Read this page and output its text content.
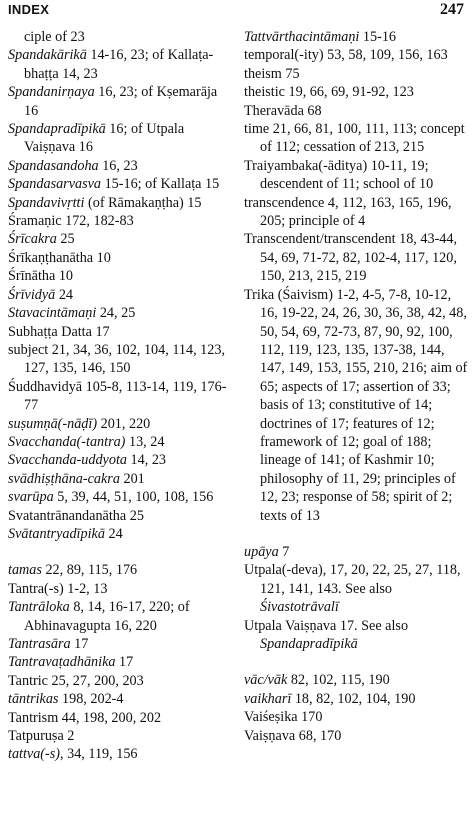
INDEX	247

ciple of 23

Spandakārikā 14-16, 23; of Kallaṭa-bhaṭṭa 14, 23

Spandanirṇaya 16, 23; of Kṣemarāja 16

Spandapradīpikā 16; of Utpala Vaiṣṇava 16

Spandasandoha 16, 23

Spandasarvasva 15-16; of Kallaṭa 15

Spandavivṛtti (of Rāmakaṇṭha) 15

Śramaṇic 172, 182-83

Śrīcakra 25

Śrīkaṇṭhanātha 10

Śrīnātha 10

Śrīvidyā 24

Stavacintāmaṇi 24, 25

Subhaṭṭa Datta 17

subject 21, 34, 36, 102, 104, 114, 123, 127, 135, 146, 150

Śuddhavidyā 105-8, 113-14, 119, 176-77

suṣumṇā(-nāḍī) 201, 220

Svacchanda(-tantra) 13, 24

Svacchanda-uddyota 14, 23

svādhiṣṭhāna-cakra 201

svarūpa 5, 39, 44, 51, 100, 108, 156

Svatantrānandanātha 25

Svātantryadīpikā 24

tamas 22, 89, 115, 176

Tantra(-s) 1-2, 13

Tantrāloka 8, 14, 16-17, 220; of Abhinavagupta 16, 220

Tantrasāra 17

Tantravaṭadhānika 17

Tantric 25, 27, 200, 203

tāntrikas 198, 202-4

Tantrism 44, 198, 200, 202

Tatpuruṣa 2

tattva(-s), 34, 119, 156

Tattvārthacintāmaṇi 15-16

temporal(-ity) 53, 58, 109, 156, 163

theism 75

theistic 19, 66, 69, 91-92, 123

Theravāda 68

time 21, 66, 81, 100, 111, 113; concept of 112; cessation of 213, 215

Traiyambaka(-āditya) 10-11, 19; descendent of 11; school of 10

transcendence 4, 112, 163, 165, 196, 205; principle of 4

Transcendent/transcendent 18, 43-44, 54, 69, 71-72, 82, 102-4, 117, 120, 150, 213, 215, 219

Trika (Śaivism) 1-2, 4-5, 7-8, 10-12, 16, 19-22, 24, 26, 30, 36, 38, 42, 48, 50, 54, 69, 72-73, 87, 90, 92, 100, 112, 119, 123, 135, 137-38, 144, 147, 149, 153, 155, 210, 216; aim of 65; aspects of 17; assertion of 33; basis of 13; constitutive of 14; doctrines of 17; features of 12; framework of 12; goal of 188; lineage of 141; of Kashmir 10; philosophy of 11, 29; principles of 12, 23; response of 58; spirit of 2; texts of 13

upāya 7

Utpala(-deva), 17, 20, 22, 25, 27, 118, 121, 141, 143. See also Śivastotrāvalī

Utpala Vaiṣṇava 17. See also Spandapradīpikā

vāc/vāk 82, 102, 115, 190

vaikharī 18, 82, 102, 104, 190

Vaiśeṣika 170

Vaiṣṇava 68, 170
